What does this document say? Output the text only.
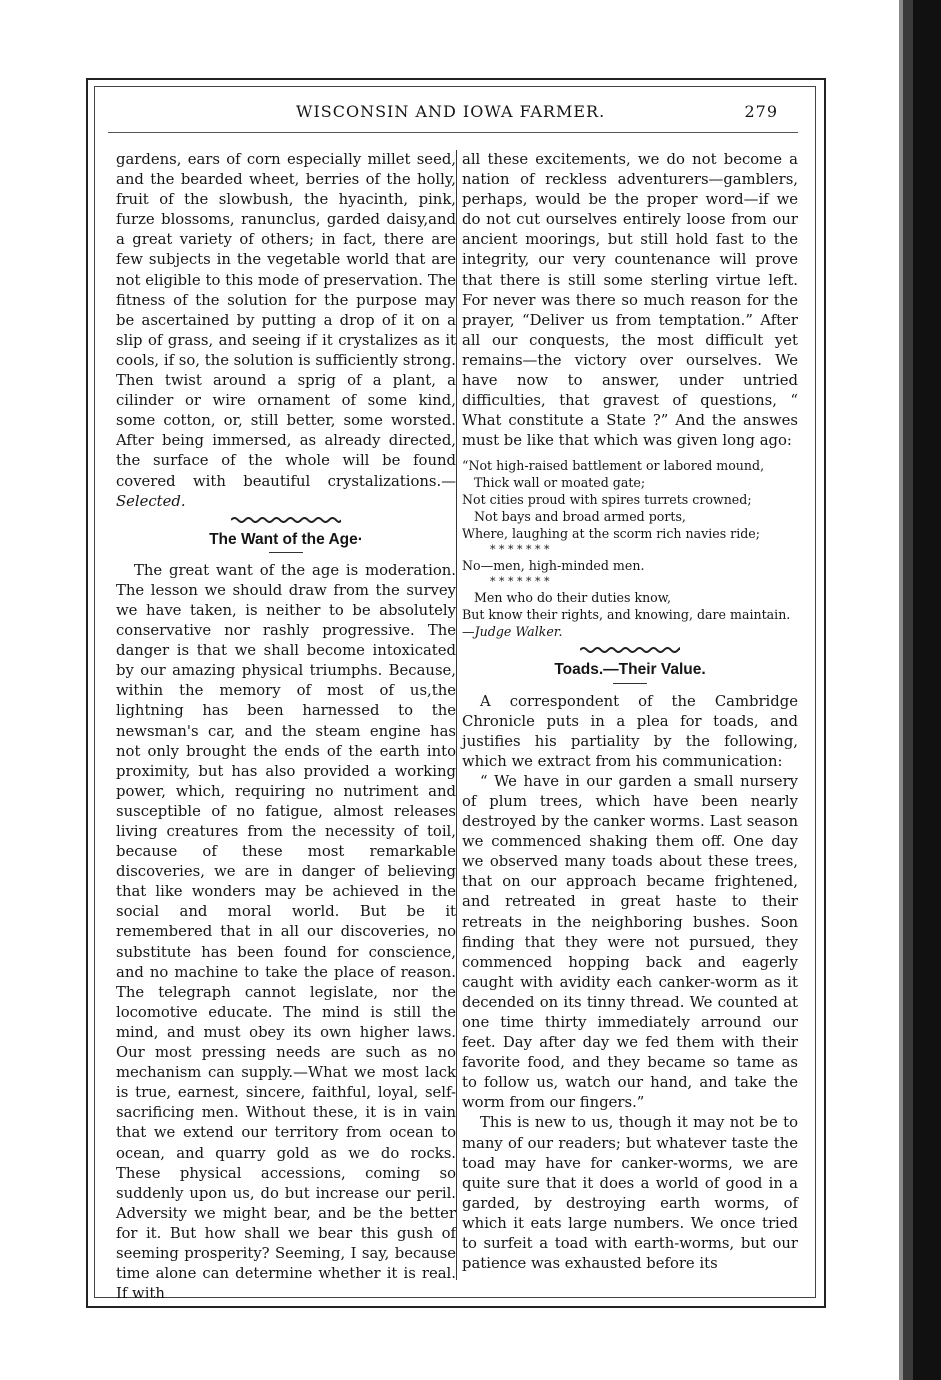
WISCONSIN AND IOWA FARMER.	279

gardens, ears of corn especially millet seed, and the bearded wheet, berries of the holly, fruit of the slowbush, the hyacinth, pink, furze blossoms, ranunclus, garded daisy,and a great variety of others; in fact, there are few subjects in the vegetable world that are not eligible to this mode of preservation. The fitness of the solution for the purpose may be ascertained by putting a drop of it on a slip of grass, and seeing if it crystalizes as it cools, if so, the solution is sufficiently strong. Then twist around a sprig of a plant, a cilinder or wire ornament of some kind, some cotton, or, still better, some worsted. After being immersed, as already directed, the surface of the whole will be found covered with beautiful crystalizations.—Selected.

The Want of the Age·

The great want of the age is moderation. The lesson we should draw from the survey we have taken, is neither to be absolutely conservative nor rashly progressive. The danger is that we shall become intoxicated by our amazing physical triumphs. Because, within the memory of most of us,the lightning has been harnessed to the newsman's car, and the steam engine has not only brought the ends of the earth into proximity, but has also provided a working power, which, requiring no nutriment and susceptible of no fatigue, almost releases living creatures from the necessity of toil, because of these most remarkable discoveries, we are in danger of believing that like wonders may be achieved in the social and moral world. But be it remembered that in all our discoveries, no substitute has been found for conscience, and no machine to take the place of reason. The telegraph cannot legislate, nor the locomotive educate. The mind is still the mind, and must obey its own higher laws. Our most pressing needs are such as no mechanism can supply.—What we most lack is true, earnest, sincere, faithful, loyal, self-sacrificing men. Without these, it is in vain that we extend our territory from ocean to ocean, and quarry gold as we do rocks. These physical accessions, coming so suddenly upon us, do but increase our peril. Adversity we might bear, and be the better for it. But how shall we bear this gush of seeming prosperity? Seeming, I say, because time alone can determine whether it is real. If with

all these excitements, we do not become a nation of reckless adventurers—gamblers, perhaps, would be the proper word—if we do not cut ourselves entirely loose from our ancient moorings, but still hold fast to the integrity, our very countenance will prove that there is still some sterling virtue left. For never was there so much reason for the prayer, “Deliver us from temptation.” After all our conquests, the most difficult yet remains—the victory over ourselves. We have now to answer, under untried difficulties, that gravest of questions, “ What constitute a State ?” And the answes must be like that which was given long ago:

“Not high-raised battlement or labored mound,
Thick wall or moated gate;
Not cities proud with spires turrets crowned;
Not bays and broad armed ports,
Where, laughing at the scorm rich navies ride;
* * * * * * *
No—men, high-minded men.
* * * * * * *
Men who do their duties know,
But know their rights, and knowing, dare maintain.—Judge Walker.
Toads.—Their Value.

A correspondent of the Cambridge Chronicle puts in a plea for toads, and justifies his partiality by the following, which we extract from his communication:

“ We have in our garden a small nursery of plum trees, which have been nearly destroyed by the canker worms. Last season we commenced shaking them off. One day we observed many toads about these trees, that on our approach became frightened, and retreated in great haste to their retreats in the neighboring bushes. Soon finding that they were not pursued, they commenced hopping back and eagerly caught with avidity each canker-worm as it decended on its tinny thread. We counted at one time thirty immediately arround our feet. Day after day we fed them with their favorite food, and they became so tame as to follow us, watch our hand, and take the worm from our fingers.”

This is new to us, though it may not be to many of our readers; but whatever taste the toad may have for canker-worms, we are quite sure that it does a world of good in a garded, by destroying earth worms, of which it eats large numbers. We once tried to surfeit a toad with earth-worms, but our patience was exhausted before its
